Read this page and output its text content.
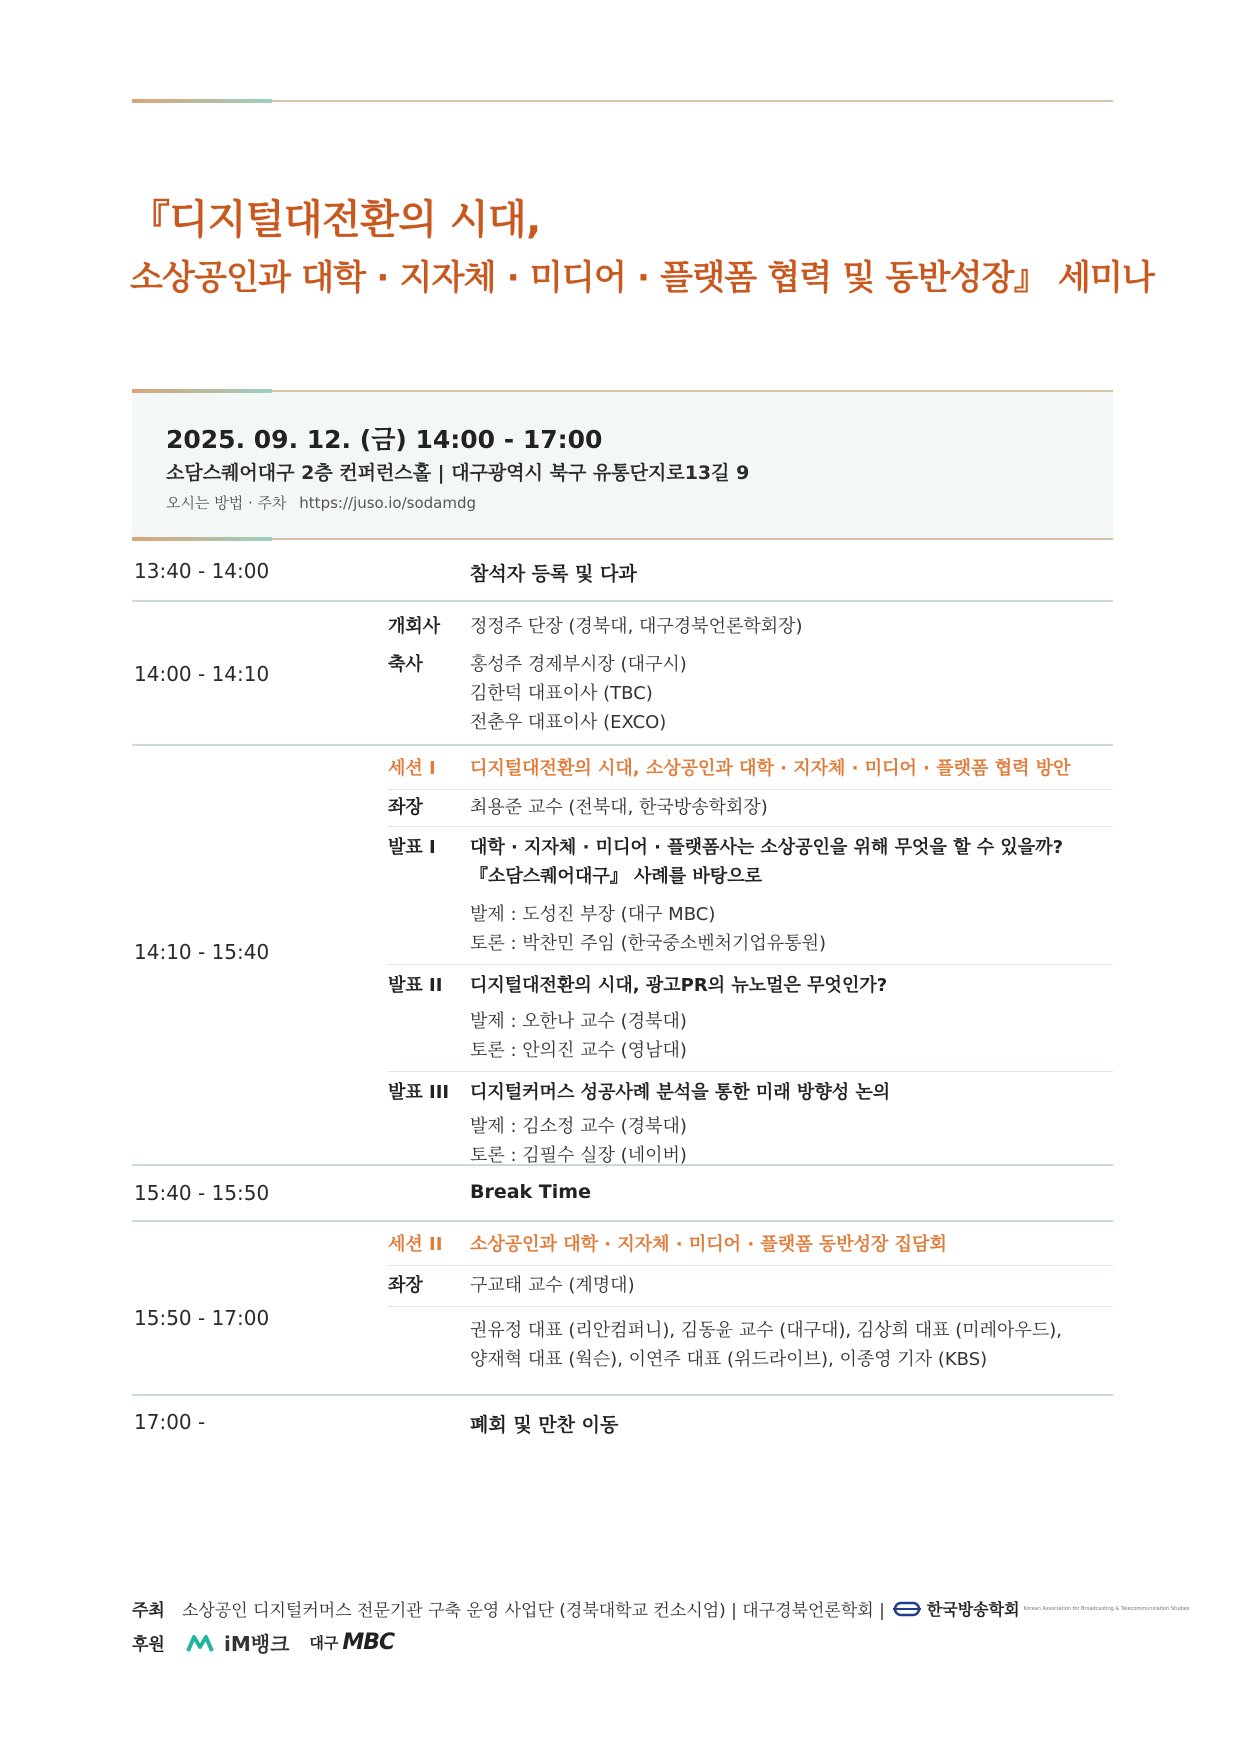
『디지털대전환의 시대,
소상공인과 대학 · 지자체 · 미디어 · 플랫폼 협력 및 동반성장』 세미나
2025. 09. 12. (금) 14:00 - 17:00
소담스퀘어대구 2층 컨퍼런스홀 | 대구광역시 북구 유통단지로13길 9
오시는 방법 · 주차 https://juso.io/sodamdg
13:40 - 14:00	참석자 등록 및 다과
14:00 - 14:10
개회사	정정주 단장 (경북대, 대구경북언론학회장)
축사	홍성주 경제부시장 (대구시)
김한덕 대표이사 (TBC)
전춘우 대표이사 (EXCO)
14:10 - 15:40
세션 I	디지털대전환의 시대, 소상공인과 대학 · 지자체 · 미디어 · 플랫폼 협력 방안
좌장	최용준 교수 (전북대, 한국방송학회장)
발표 I	대학 · 지자체 · 미디어 · 플랫폼사는 소상공인을 위해 무엇을 할 수 있을까?
『소담스퀘어대구』 사례를 바탕으로
발제 : 도성진 부장 (대구 MBC)
토론 : 박찬민 주임 (한국중소벤처기업유통원)
발표 II	디지털대전환의 시대, 광고PR의 뉴노멀은 무엇인가?
발제 : 오한나 교수 (경북대)
토론 : 안의진 교수 (영남대)
발표 III	디지털커머스 성공사례 분석을 통한 미래 방향성 논의
발제 : 김소정 교수 (경북대)
토론 : 김필수 실장 (네이버)
15:40 - 15:50	Break Time
15:50 - 17:00
세션 II	소상공인과 대학 · 지자체 · 미디어 · 플랫폼 동반성장 집담회
좌장	구교태 교수 (계명대)
권유정 대표 (리안컴퍼니), 김동윤 교수 (대구대), 김상희 대표 (미레아우드),
양재혁 대표 (웍슨), 이연주 대표 (위드라이브), 이종영 기자 (KBS)
17:00 -	폐회 및 만찬 이동
주최	소상공인 디지털커머스 전문기관 구축 운영 사업단 (경북대학교 컨소시엄) | 대구경북언론학회 |	한국방송학회 Korean Association for Broadcasting & Telecommunication Studies
후원	iM뱅크 대구 MBC
